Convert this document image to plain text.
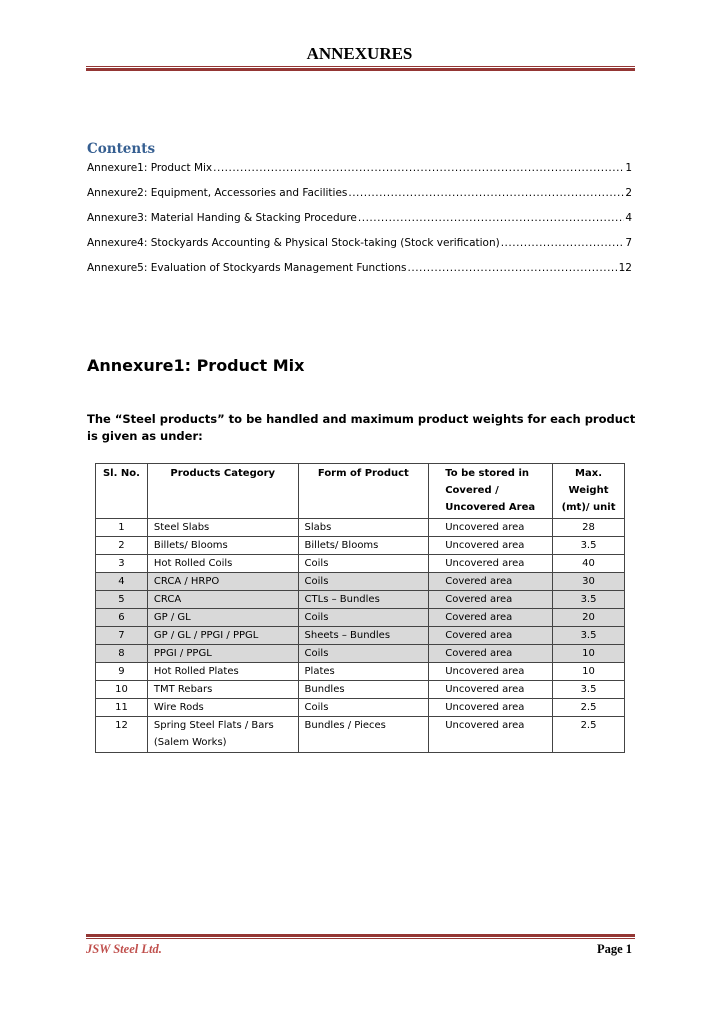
ANNEXURES
Contents
Annexure1: Product Mix .....	1
Annexure2: Equipment, Accessories and Facilities .....	2
Annexure3: Material Handing & Stacking Procedure .....	4
Annexure4: Stockyards Accounting & Physical Stock-taking (Stock verification) .....	7
Annexure5: Evaluation of Stockyards Management Functions .....	12
Annexure1: Product Mix

The “Steel products” to be handled and maximum product weights for each product is given as under:

Sl. No.	Products Category	Form of Product	To be stored in Covered / Uncovered Area	Max. Weight (mt)/ unit
1	Steel Slabs	Slabs	Uncovered area	28
2	Billets/ Blooms	Billets/ Blooms	Uncovered area	3.5
3	Hot Rolled Coils	Coils	Uncovered area	40
4	CRCA / HRPO	Coils	Covered area	30
5	CRCA	CTLs – Bundles	Covered area	3.5
6	GP / GL	Coils	Covered area	20
7	GP / GL / PPGI / PPGL	Sheets – Bundles	Covered area	3.5
8	PPGI / PPGL	Coils	Covered area	10
9	Hot Rolled Plates	Plates	Uncovered area	10
10	TMT Rebars	Bundles	Uncovered area	3.5
11	Wire Rods	Coils	Uncovered area	2.5
12	Spring Steel Flats / Bars (Salem Works)	Bundles / Pieces	Uncovered area	2.5
JSW Steel Ltd.	Page 1
